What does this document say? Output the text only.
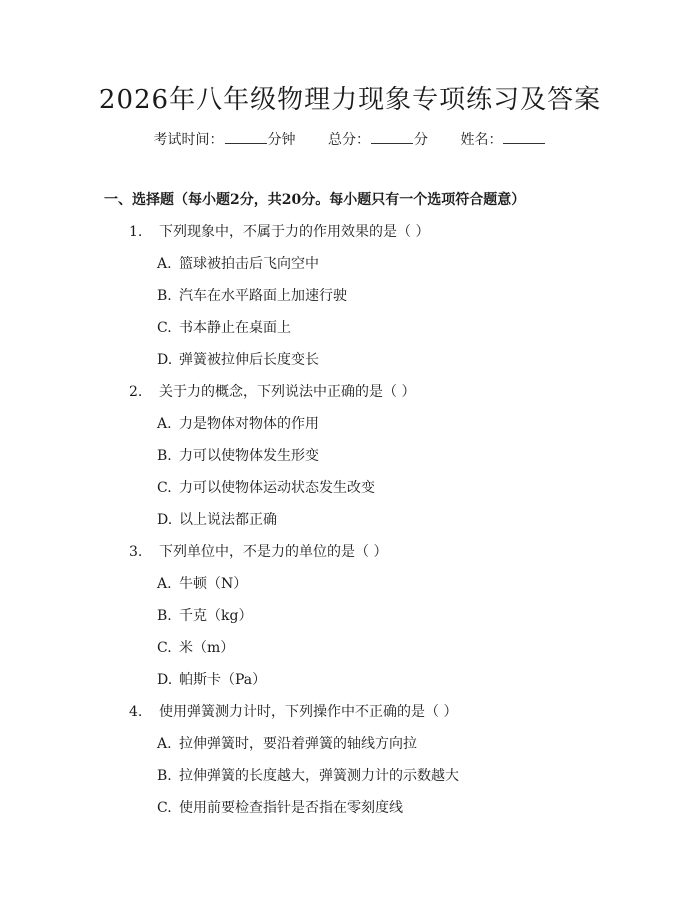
2026年八年级物理力现象专项练习及答案
考试时间：	分钟 总分：	分 姓名：
一、选择题（每小题2分，共20分。每小题只有一个选项符合题意）
1. 下列现象中，不属于力的作用效果的是（ ）
A. 篮球被拍击后飞向空中
B. 汽车在水平路面上加速行驶
C. 书本静止在桌面上
D. 弹簧被拉伸后长度变长
2. 关于力的概念，下列说法中正确的是（ ）
A. 力是物体对物体的作用
B. 力可以使物体发生形变
C. 力可以使物体运动状态发生改变
D. 以上说法都正确
3. 下列单位中，不是力的单位的是（ ）
A. 牛顿（N）
B. 千克（kg）
C. 米（m）
D. 帕斯卡（Pa）
4. 使用弹簧测力计时，下列操作中不正确的是（ ）
A. 拉伸弹簧时，要沿着弹簧的轴线方向拉
B. 拉伸弹簧的长度越大，弹簧测力计的示数越大
C. 使用前要检查指针是否指在零刻度线
